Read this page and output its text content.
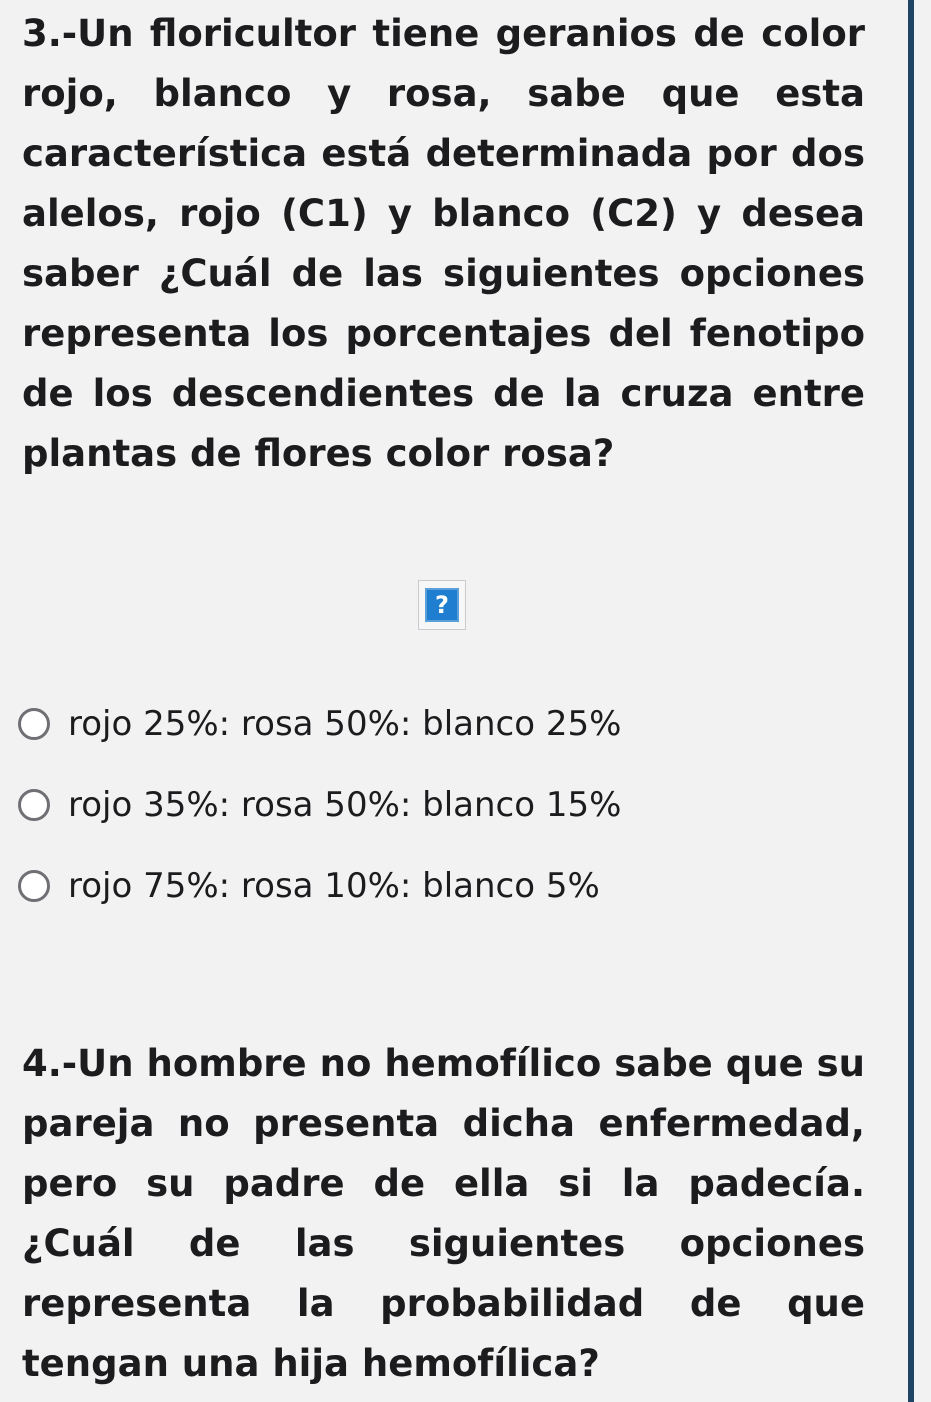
3.-Un floricultor tiene geranios de color rojo, blanco y rosa, sabe que esta característica está determinada por dos alelos, rojo (C1) y blanco (C2) y desea saber ¿Cuál de las siguientes opciones representa los porcentajes del fenotipo de los descendientes de la cruza entre plantas de flores color rosa?

?
rojo 25%: rosa 50%: blanco 25%
rojo 35%: rosa 50%: blanco 15%
rojo 75%: rosa 10%: blanco 5%

4.-Un hombre no hemofílico sabe que su pareja no presenta dicha enfermedad, pero su padre de ella si la padecía. ¿Cuál de las siguientes opciones representa la probabilidad de que tengan una hija hemofílica?
